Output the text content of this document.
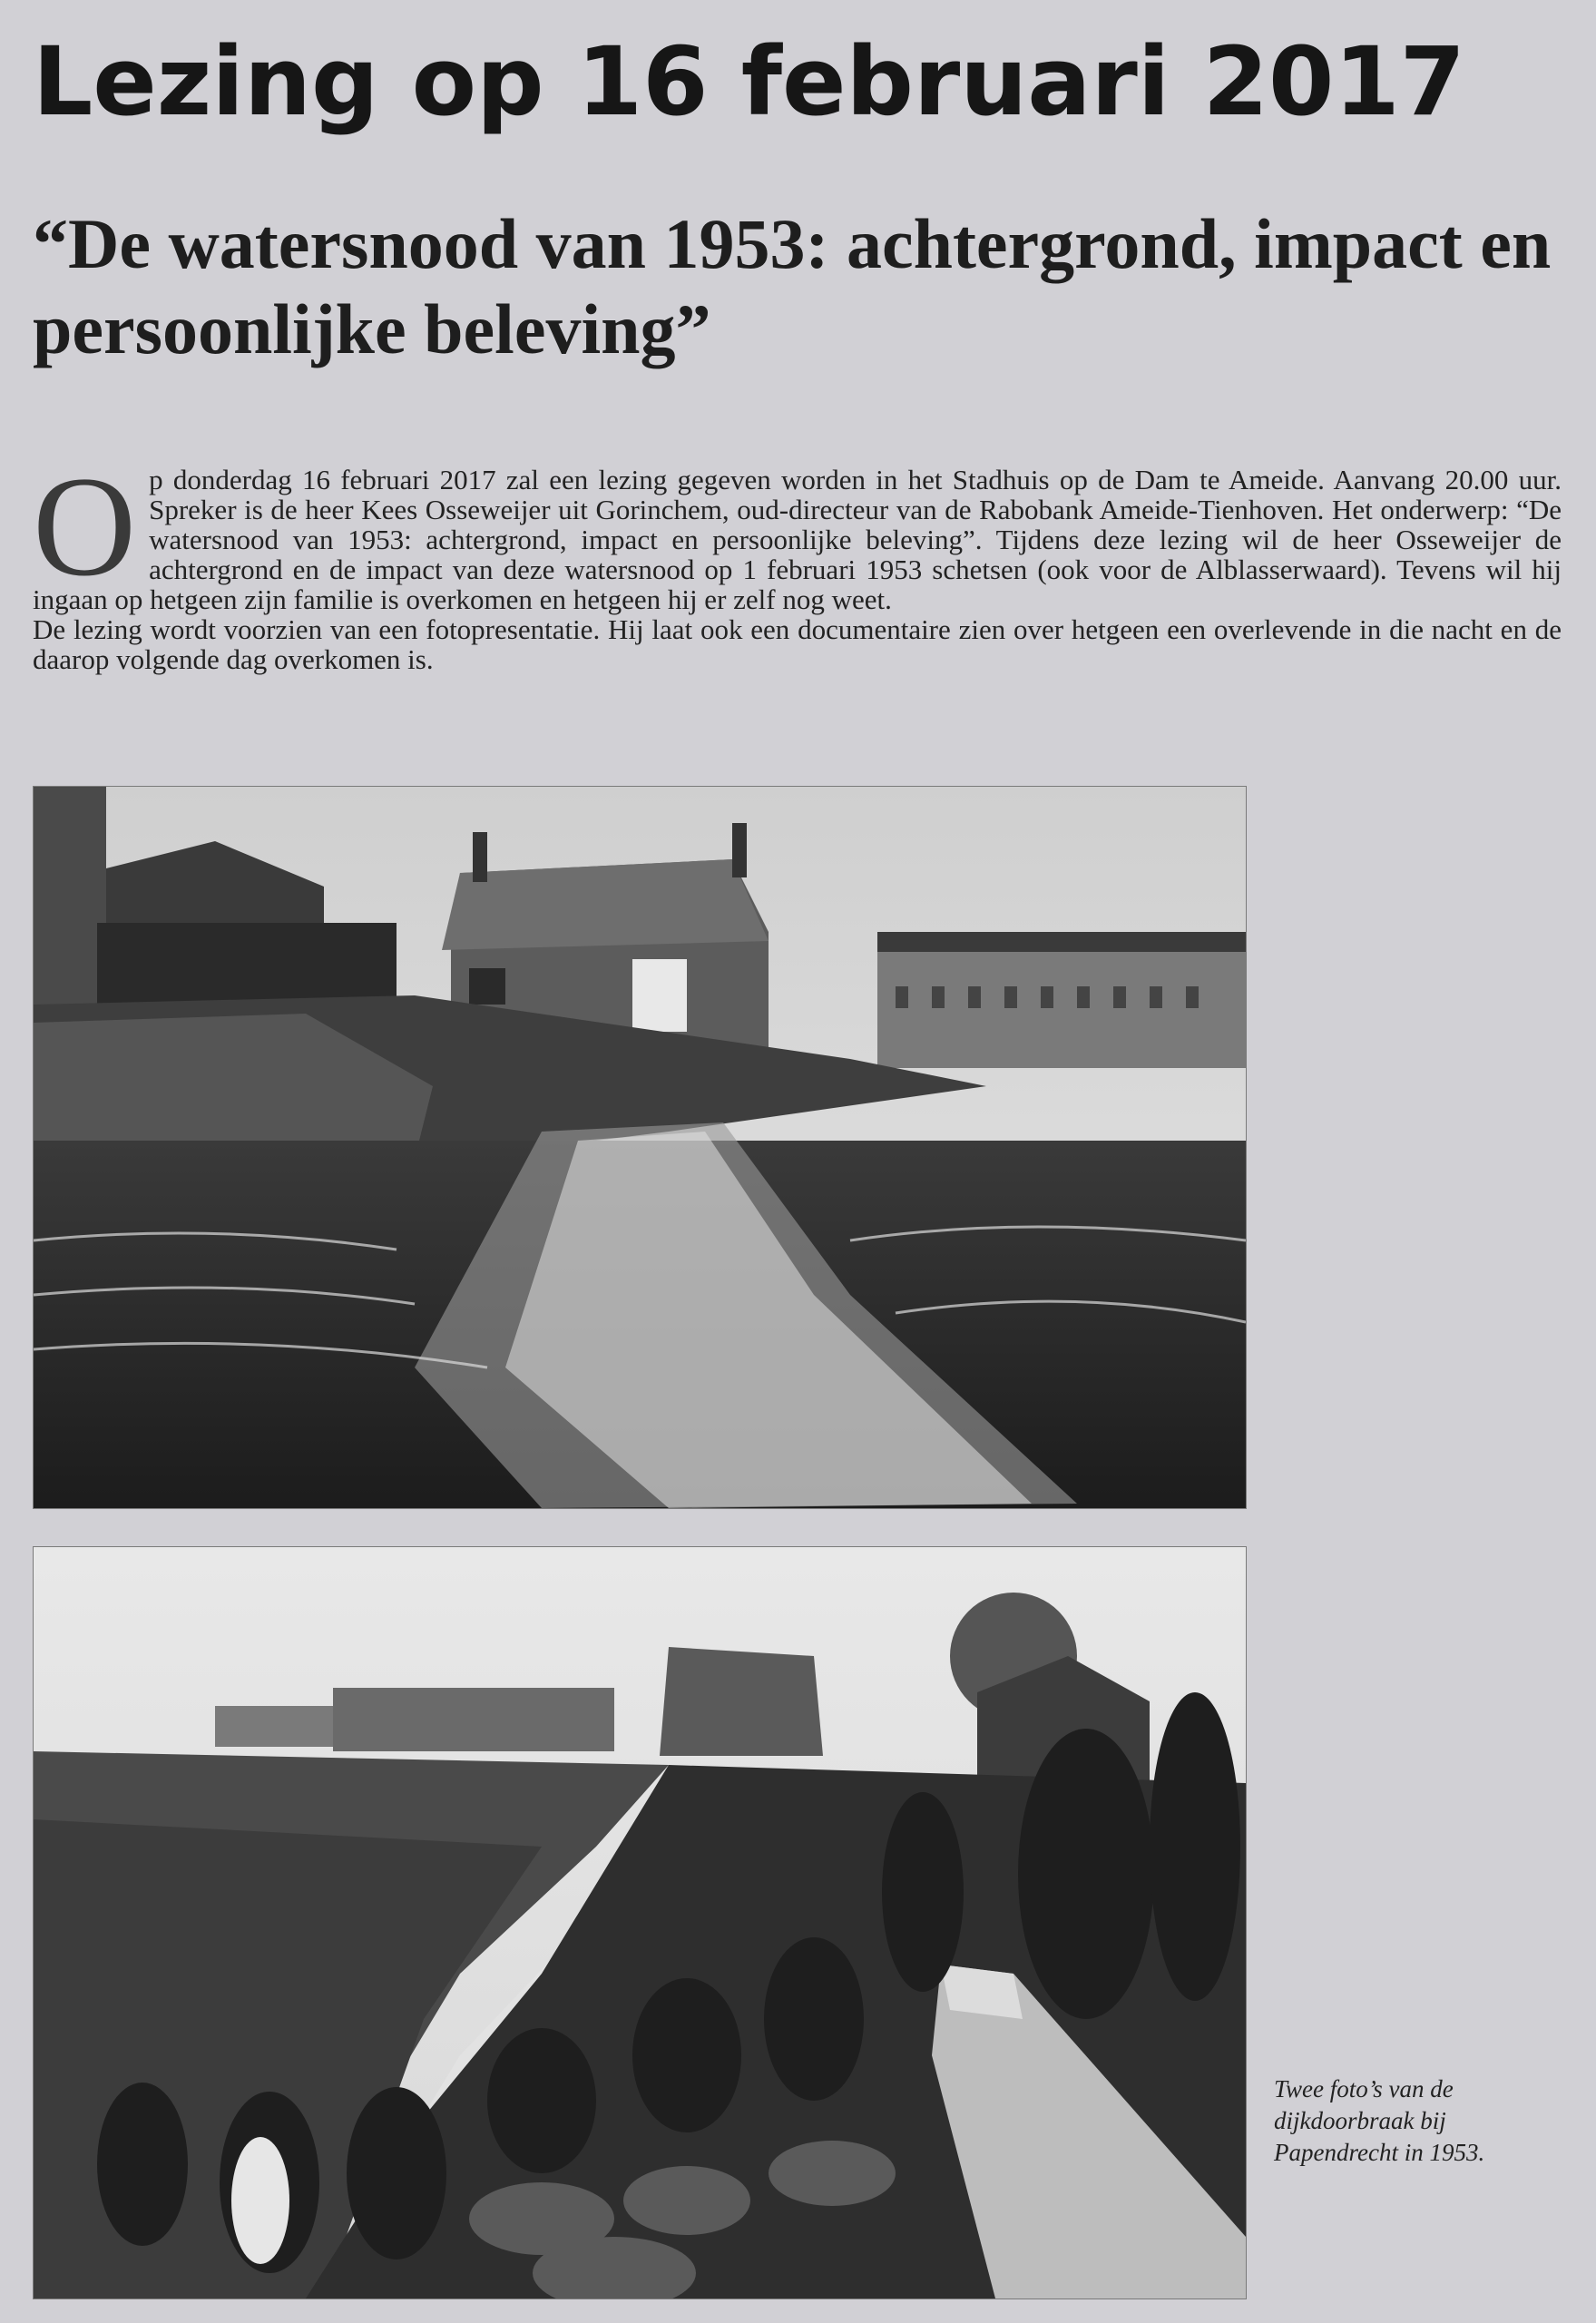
Lezing op 16 februari 2017
“De watersnood van 1953: achtergrond, impact en persoonlijke beleving”

Op donderdag 16 februari 2017 zal een lezing gegeven worden in het Stadhuis op de Dam te Ameide. Aanvang 20.00 uur. Spreker is de heer Kees Osseweijer uit Gorinchem, oud-directeur van de Rabobank Ameide-Tienhoven. Het onderwerp: “De watersnood van 1953: achtergrond, impact en persoonlijke beleving”. Tijdens deze lezing wil de heer Osseweijer de achtergrond en de impact van deze watersnood op 1 februari 1953 schetsen (ook voor de Alblasserwaard). Tevens wil hij ingaan op hetgeen zijn familie is overkomen en hetgeen hij er zelf nog weet.

De lezing wordt voorzien van een fotopresentatie. Hij laat ook een documentaire zien over hetgeen een overlevende in die nacht en de daarop volgende dag overkomen is.

Twee foto’s van de dijkdoorbraak bij Papendrecht in 1953.
